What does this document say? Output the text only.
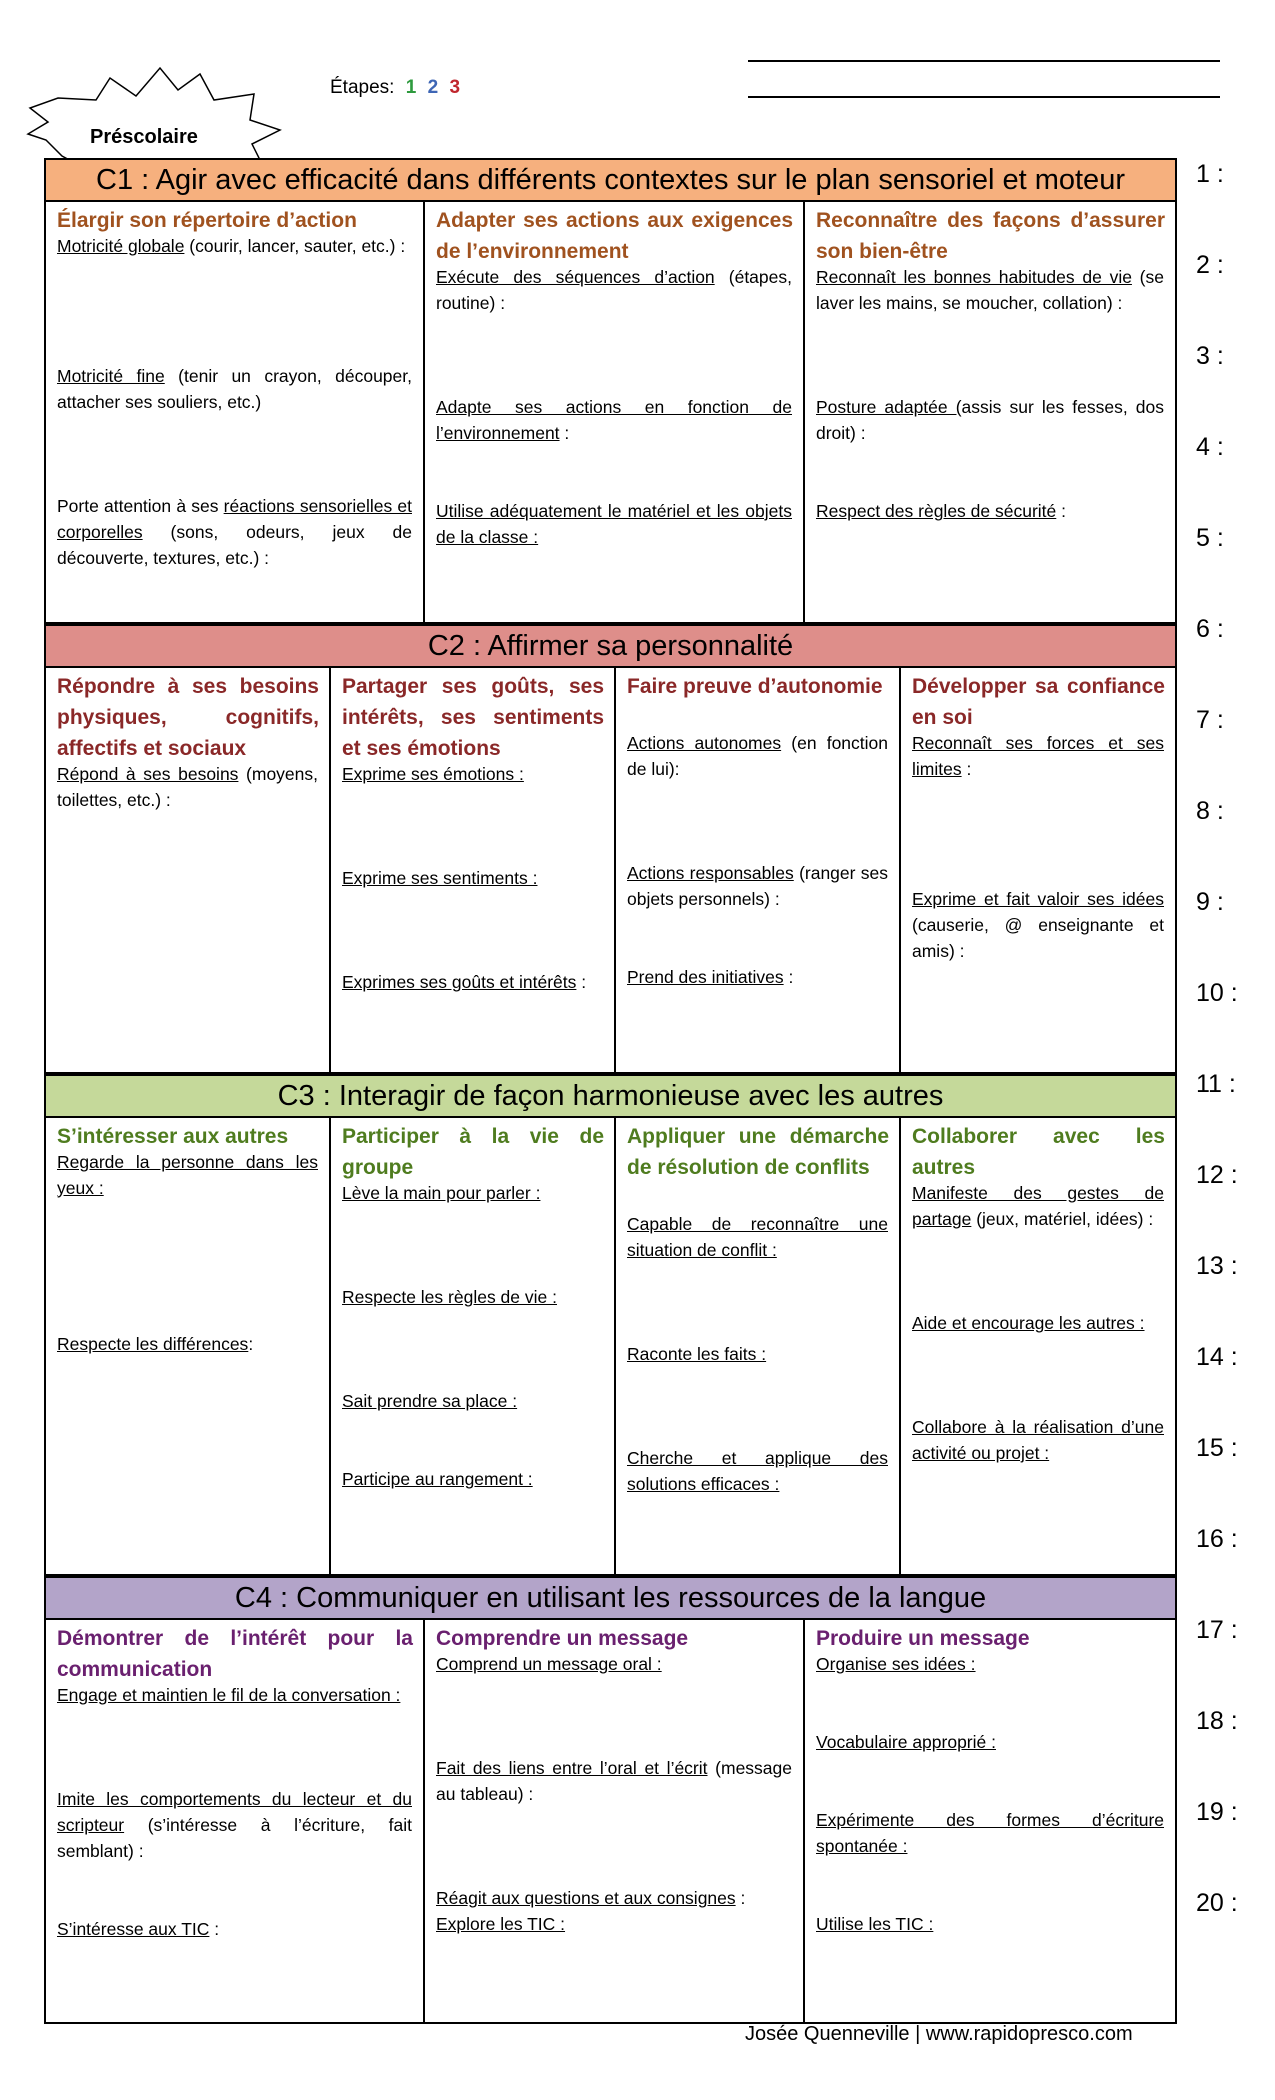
Étapes: 1 2 3
Préscolaire
C1 : Agir avec efficacité dans différents contextes sur le plan sensoriel et moteur
Élargir son répertoire d’action
Motricité globale (courir, lancer, sauter, etc.) :
Motricité fine (tenir un crayon, découper, attacher ses souliers, etc.)
Porte attention à ses réactions sensorielles et corporelles (sons, odeurs, jeux de découverte, textures, etc.) :
Adapter ses actions aux exigences de l’environnement
Exécute des séquences d’action (étapes, routine) :
Adapte ses actions en fonction de l’environnement :
Utilise adéquatement le matériel et les objets de la classe :
Reconnaître des façons d’assurer son bien-être
Reconnaît les bonnes habitudes de vie (se laver les mains, se moucher, collation) :
Posture adaptée (assis sur les fesses, dos droit) :
Respect des règles de sécurité :
C2 : Affirmer sa personnalité
Répondre à ses besoins physiques, cognitifs, affectifs et sociaux
Répond à ses besoins (moyens, toilettes, etc.) :
Partager ses goûts, ses intérêts, ses sentiments et ses émotions
Exprime ses émotions :
Exprime ses sentiments :
Exprimes ses goûts et intérêts :
Faire preuve d’autonomie
Actions autonomes (en fonction de lui):
Actions responsables (ranger ses objets personnels) :
Prend des initiatives :
Développer sa confiance en soi
Reconnaît ses forces et ses limites :
Exprime et fait valoir ses idées (causerie, @ enseignante et amis) :
C3 : Interagir de façon harmonieuse avec les autres
S’intéresser aux autres
Regarde la personne dans les yeux :
Respecte les différences:
Participer à la vie de groupe
Lève la main pour parler :
Respecte les règles de vie :
Sait prendre sa place :
Participe au rangement :
Appliquer une démarche de résolution de conflits
Capable de reconnaître une situation de conflit :
Raconte les faits :
Cherche et applique des solutions efficaces :
Collaborer avec les autres
Manifeste des gestes de partage (jeux, matériel, idées) :
Aide et encourage les autres :
Collabore à la réalisation d’une activité ou projet :
C4 : Communiquer en utilisant les ressources de la langue
Démontrer de l’intérêt pour la communication
Engage et maintien le fil de la conversation :
Imite les comportements du lecteur et du scripteur (s’intéresse à l’écriture, fait semblant) :
S’intéresse aux TIC :
Comprendre un message
Comprend un message oral :
Fait des liens entre l’oral et l’écrit (message au tableau) :
Réagit aux questions et aux consignes :
Explore les TIC :
Produire un message
Organise ses idées :
Vocabulaire approprié :
Expérimente des formes d’écriture spontanée :
Utilise les TIC :
1 :
2 :
3 :
4 :
5 :
6 :
7 :
8 :
9 :
10 :
11 :
12 :
13 :
14 :
15 :
16 :
17 :
18 :
19 :
20 :
Josée Quenneville | www.rapidopresco.com
